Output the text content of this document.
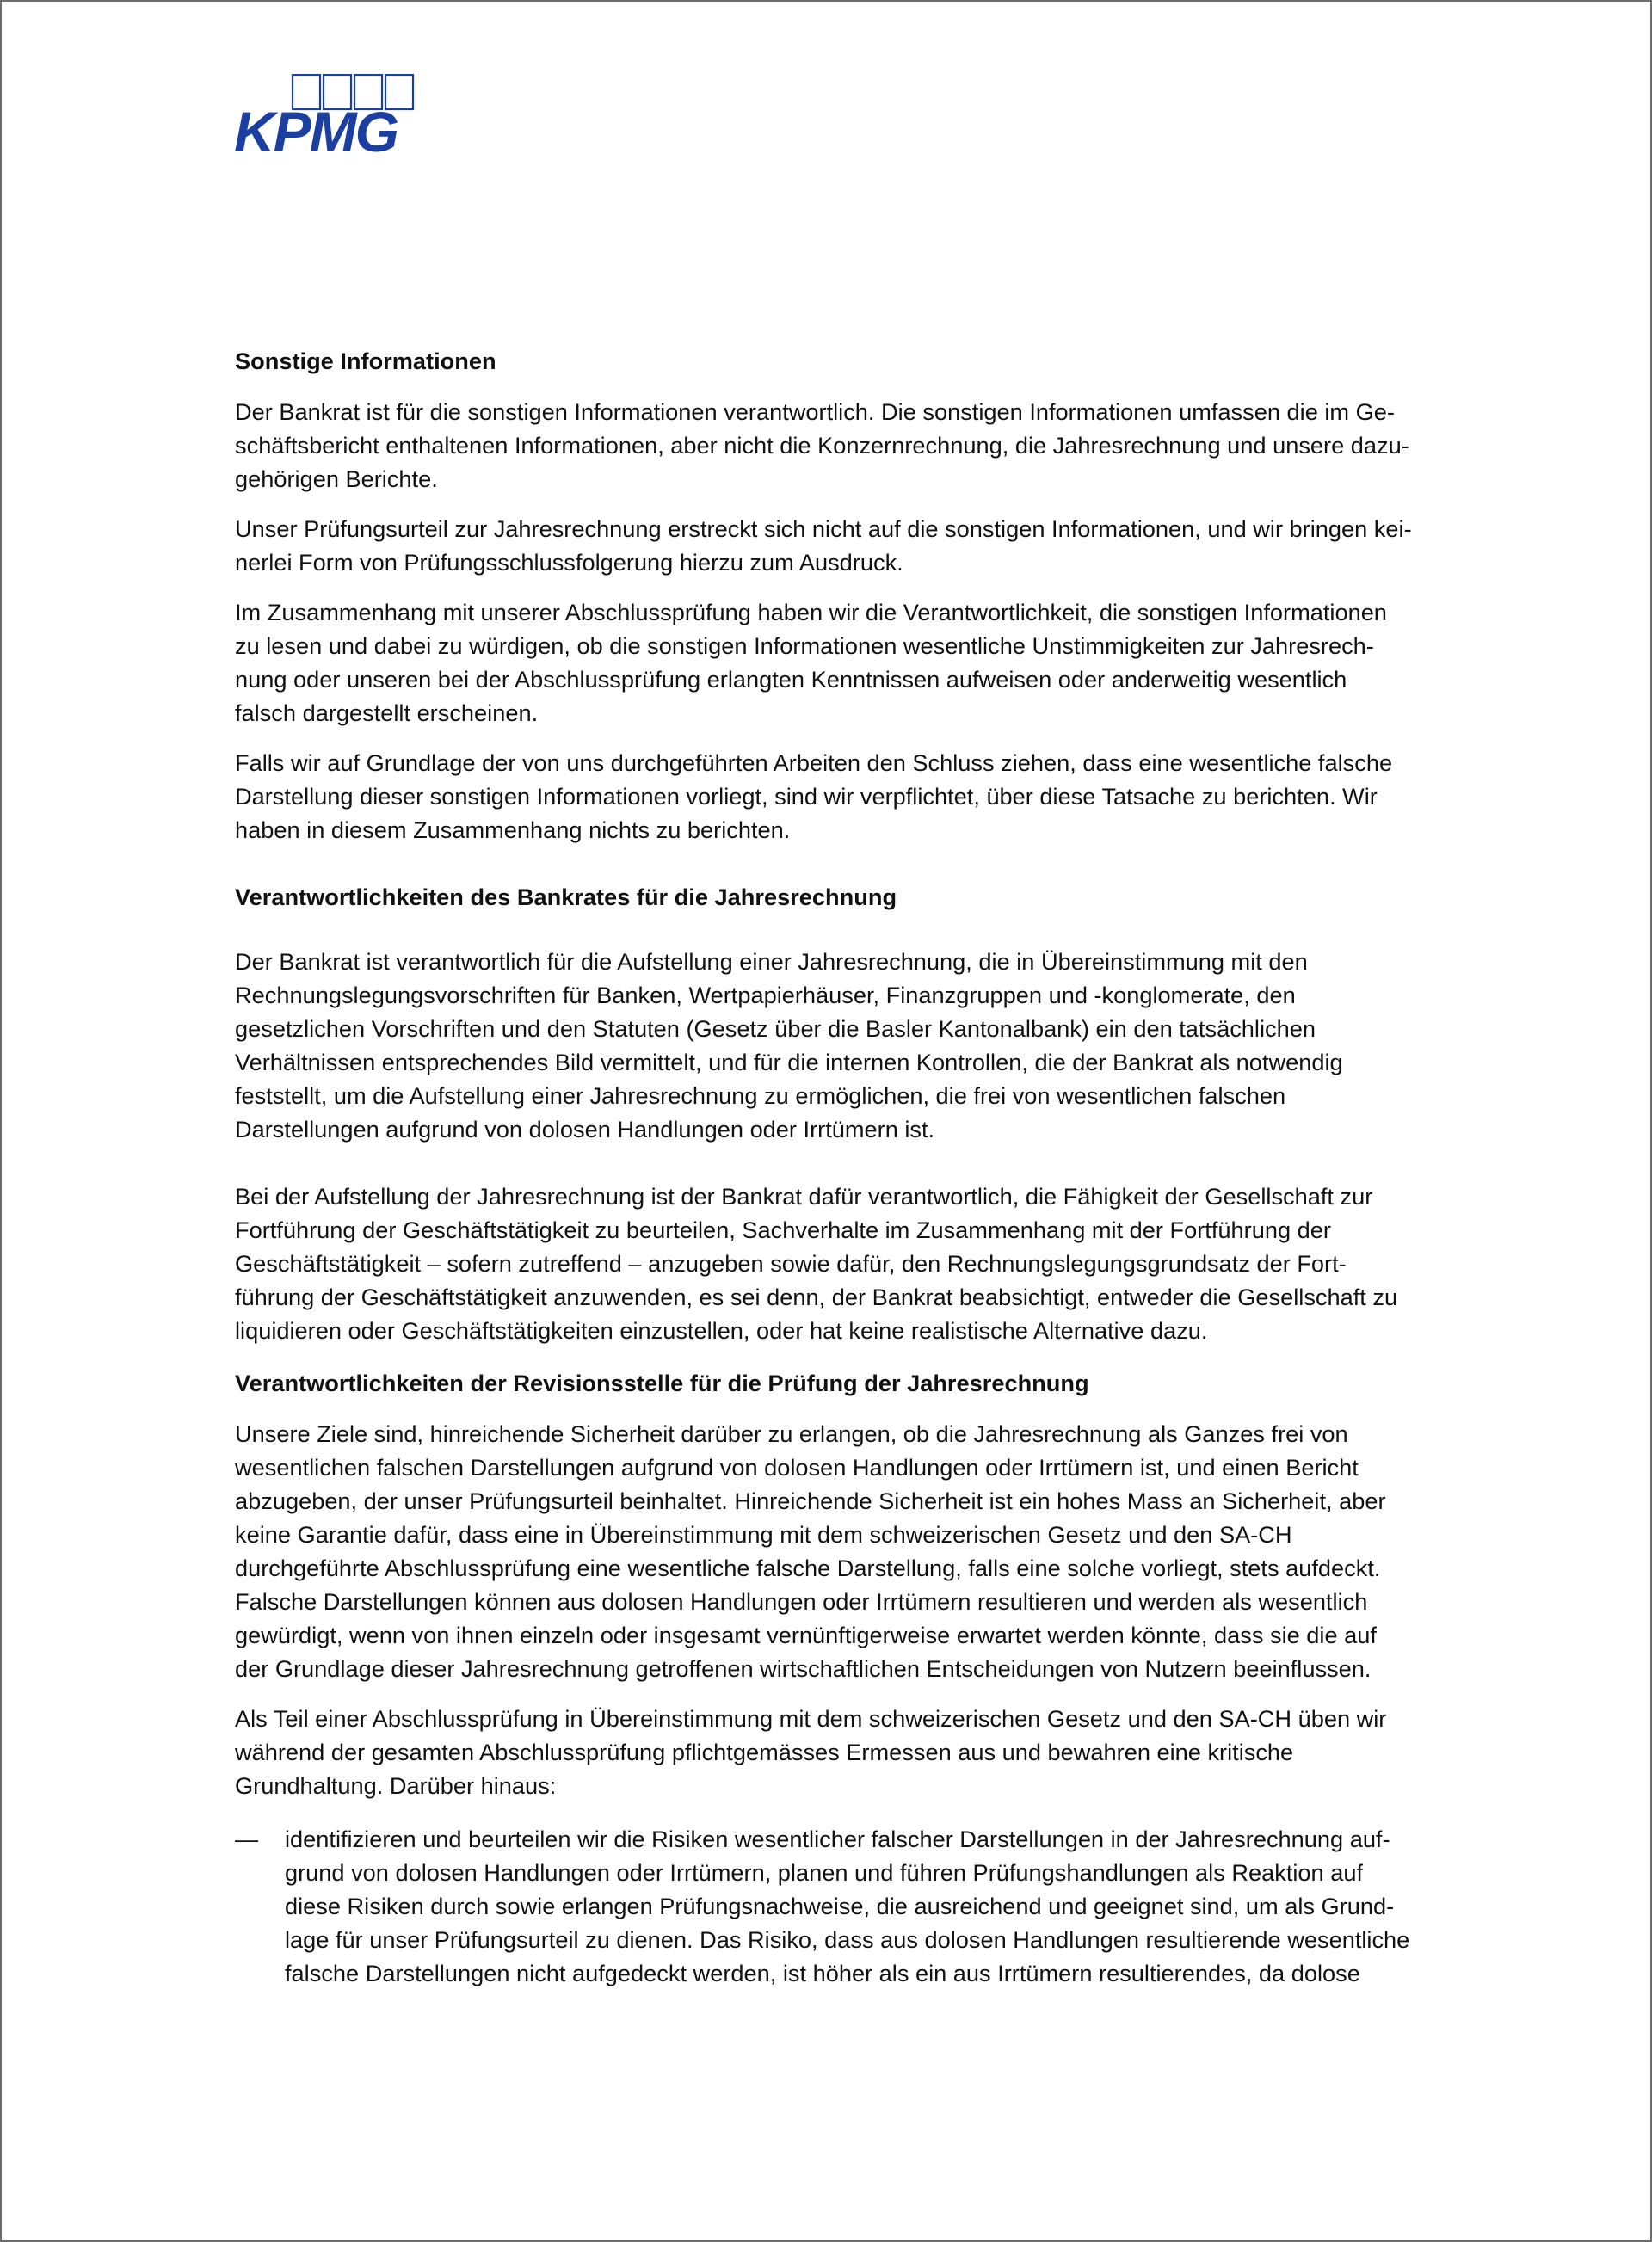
KPMG
Sonstige Informationen
Der Bankrat ist für die sonstigen Informationen verantwortlich. Die sonstigen Informationen umfassen die im Ge-
schäftsbericht enthaltenen Informationen, aber nicht die Konzernrechnung, die Jahresrechnung und unsere dazu-
gehörigen Berichte.
Unser Prüfungsurteil zur Jahresrechnung erstreckt sich nicht auf die sonstigen Informationen, und wir bringen kei-
nerlei Form von Prüfungsschlussfolgerung hierzu zum Ausdruck.
Im Zusammenhang mit unserer Abschlussprüfung haben wir die Verantwortlichkeit, die sonstigen Informationen
zu lesen und dabei zu würdigen, ob die sonstigen Informationen wesentliche Unstimmigkeiten zur Jahresrech-
nung oder unseren bei der Abschlussprüfung erlangten Kenntnissen aufweisen oder anderweitig wesentlich
falsch dargestellt erscheinen.
Falls wir auf Grundlage der von uns durchgeführten Arbeiten den Schluss ziehen, dass eine wesentliche falsche
Darstellung dieser sonstigen Informationen vorliegt, sind wir verpflichtet, über diese Tatsache zu berichten. Wir
haben in diesem Zusammenhang nichts zu berichten.
Verantwortlichkeiten des Bankrates für die Jahresrechnung
Der Bankrat ist verantwortlich für die Aufstellung einer Jahresrechnung, die in Übereinstimmung mit den
Rechnungslegungsvorschriften für Banken, Wertpapierhäuser, Finanzgruppen und -konglomerate, den
gesetzlichen Vorschriften und den Statuten (Gesetz über die Basler Kantonalbank) ein den tatsächlichen
Verhältnissen entsprechendes Bild vermittelt, und für die internen Kontrollen, die der Bankrat als notwendig
feststellt, um die Aufstellung einer Jahresrechnung zu ermöglichen, die frei von wesentlichen falschen
Darstellungen aufgrund von dolosen Handlungen oder Irrtümern ist.
Bei der Aufstellung der Jahresrechnung ist der Bankrat dafür verantwortlich, die Fähigkeit der Gesellschaft zur
Fortführung der Geschäftstätigkeit zu beurteilen, Sachverhalte im Zusammenhang mit der Fortführung der
Geschäftstätigkeit – sofern zutreffend – anzugeben sowie dafür, den Rechnungslegungsgrundsatz der Fort-
führung der Geschäftstätigkeit anzuwenden, es sei denn, der Bankrat beabsichtigt, entweder die Gesellschaft zu
liquidieren oder Geschäftstätigkeiten einzustellen, oder hat keine realistische Alternative dazu.
Verantwortlichkeiten der Revisionsstelle für die Prüfung der Jahresrechnung
Unsere Ziele sind, hinreichende Sicherheit darüber zu erlangen, ob die Jahresrechnung als Ganzes frei von
wesentlichen falschen Darstellungen aufgrund von dolosen Handlungen oder Irrtümern ist, und einen Bericht
abzugeben, der unser Prüfungsurteil beinhaltet. Hinreichende Sicherheit ist ein hohes Mass an Sicherheit, aber
keine Garantie dafür, dass eine in Übereinstimmung mit dem schweizerischen Gesetz und den SA-CH
durchgeführte Abschlussprüfung eine wesentliche falsche Darstellung, falls eine solche vorliegt, stets aufdeckt.
Falsche Darstellungen können aus dolosen Handlungen oder Irrtümern resultieren und werden als wesentlich
gewürdigt, wenn von ihnen einzeln oder insgesamt vernünftigerweise erwartet werden könnte, dass sie die auf
der Grundlage dieser Jahresrechnung getroffenen wirtschaftlichen Entscheidungen von Nutzern beeinflussen.
Als Teil einer Abschlussprüfung in Übereinstimmung mit dem schweizerischen Gesetz und den SA-CH üben wir
während der gesamten Abschlussprüfung pflichtgemässes Ermessen aus und bewahren eine kritische
Grundhaltung. Darüber hinaus:
— identifizieren und beurteilen wir die Risiken wesentlicher falscher Darstellungen in der Jahresrechnung auf-
grund von dolosen Handlungen oder Irrtümern, planen und führen Prüfungshandlungen als Reaktion auf
diese Risiken durch sowie erlangen Prüfungsnachweise, die ausreichend und geeignet sind, um als Grund-
lage für unser Prüfungsurteil zu dienen. Das Risiko, dass aus dolosen Handlungen resultierende wesentliche
falsche Darstellungen nicht aufgedeckt werden, ist höher als ein aus Irrtümern resultierendes, da dolose
